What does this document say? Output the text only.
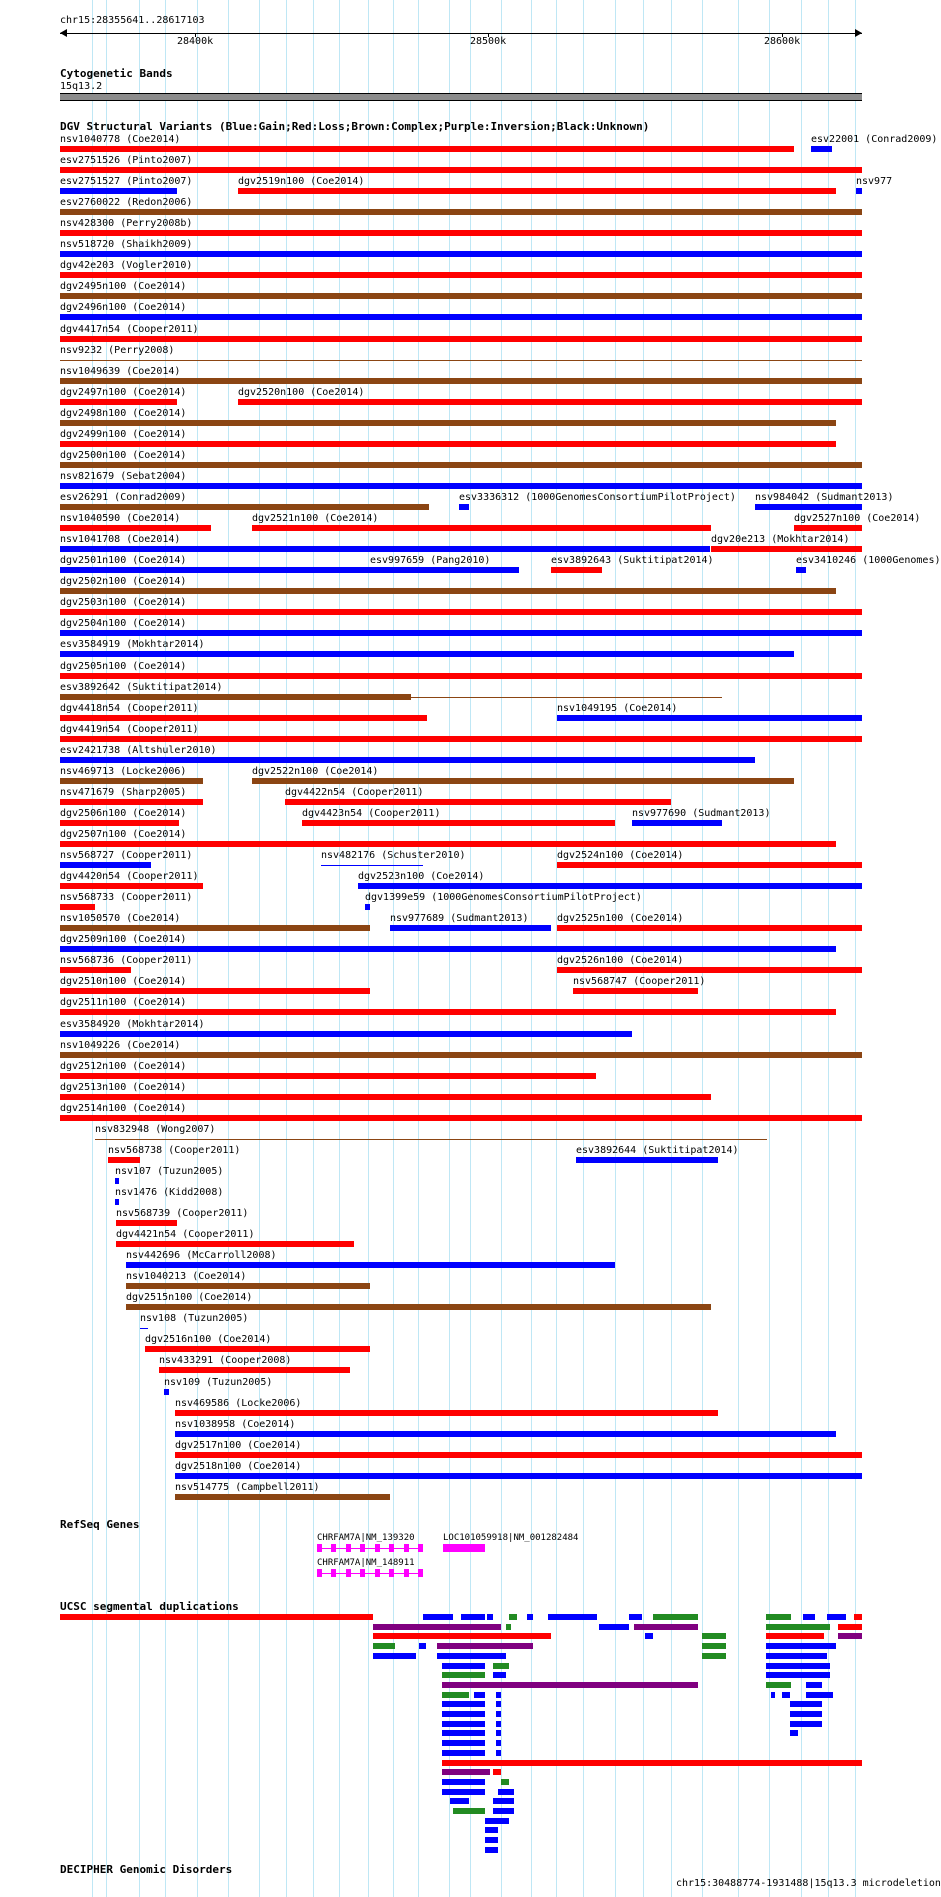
chr15:28355641..28617103
28400k	28500k	28600k
Cytogenetic Bands
15q13.2
DGV Structural Variants (Blue:Gain;Red:Loss;Brown:Complex;Purple:Inversion;Black:Unknown)
nsv1040778 (Coe2014)	esv22001 (Conrad2009)
esv2751526 (Pinto2007)
esv2751527 (Pinto2007)	dgv2519n100 (Coe2014)	nsv977
esv2760022 (Redon2006)
nsv428300 (Perry2008b)
nsv518720 (Shaikh2009)
dgv42e203 (Vogler2010)
dgv2495n100 (Coe2014)
dgv2496n100 (Coe2014)
dgv4417n54 (Cooper2011)
nsv9232 (Perry2008)
nsv1049639 (Coe2014)
dgv2497n100 (Coe2014)	dgv2520n100 (Coe2014)
dgv2498n100 (Coe2014)
dgv2499n100 (Coe2014)
dgv2500n100 (Coe2014)
nsv821679 (Sebat2004)
esv26291 (Conrad2009)	esv3336312 (1000GenomesConsortiumPilotProject) nsv984042 (Sudmant2013)
nsv1040590 (Coe2014)	dgv2521n100 (Coe2014)	dgv2527n100 (Coe2014)
nsv1041708 (Coe2014)	dgv20e213 (Mokhtar2014)
dgv2501n100 (Coe2014)	esv997659 (Pang2010)	esv3892643 (Suktitipat2014)	esv3410246 (1000Genomes)
dgv2502n100 (Coe2014)
dgv2503n100 (Coe2014)
dgv2504n100 (Coe2014)
esv3584919 (Mokhtar2014)
dgv2505n100 (Coe2014)
esv3892642 (Suktitipat2014)
dgv4418n54 (Cooper2011)	nsv1049195 (Coe2014)
dgv4419n54 (Cooper2011)
esv2421738 (Altshuler2010)
nsv469713 (Locke2006)	dgv2522n100 (Coe2014)
nsv471679 (Sharp2005)	dgv4422n54 (Cooper2011)
dgv2506n100 (Coe2014)	dgv4423n54 (Cooper2011)	nsv977690 (Sudmant2013)
dgv2507n100 (Coe2014)
nsv568727 (Cooper2011)	nsv482176 (Schuster2010)	dgv2524n100 (Coe2014)
dgv4420n54 (Cooper2011)	dgv2523n100 (Coe2014)
nsv568733 (Cooper2011)	dgv1399e59 (1000GenomesConsortiumPilotProject)
nsv1050570 (Coe2014)	nsv977689 (Sudmant2013)	dgv2525n100 (Coe2014)
dgv2509n100 (Coe2014)
nsv568736 (Cooper2011)	dgv2526n100 (Coe2014)
dgv2510n100 (Coe2014)	nsv568747 (Cooper2011)
dgv2511n100 (Coe2014)
esv3584920 (Mokhtar2014)
nsv1049226 (Coe2014)
dgv2512n100 (Coe2014)
dgv2513n100 (Coe2014)
dgv2514n100 (Coe2014)
nsv832948 (Wong2007)
nsv568738 (Cooper2011)	esv3892644 (Suktitipat2014)
nsv107 (Tuzun2005)
nsv1476 (Kidd2008)
nsv568739 (Cooper2011)
dgv4421n54 (Cooper2011)
nsv442696 (McCarroll2008)
nsv1040213 (Coe2014)
dgv2515n100 (Coe2014)
nsv108 (Tuzun2005)
dgv2516n100 (Coe2014)
nsv433291 (Cooper2008)
nsv109 (Tuzun2005)
nsv469586 (Locke2006)
nsv1038958 (Coe2014)
dgv2517n100 (Coe2014)
dgv2518n100 (Coe2014)
nsv514775 (Campbell2011)
RefSeq Genes
CHRFAM7A|NM_139320	LOC101059918|NM_001282484
CHRFAM7A|NM_148911
UCSC segmental duplications
DECIPHER Genomic Disorders
chr15:30488774-1931488|15q13.3 microdeletion
